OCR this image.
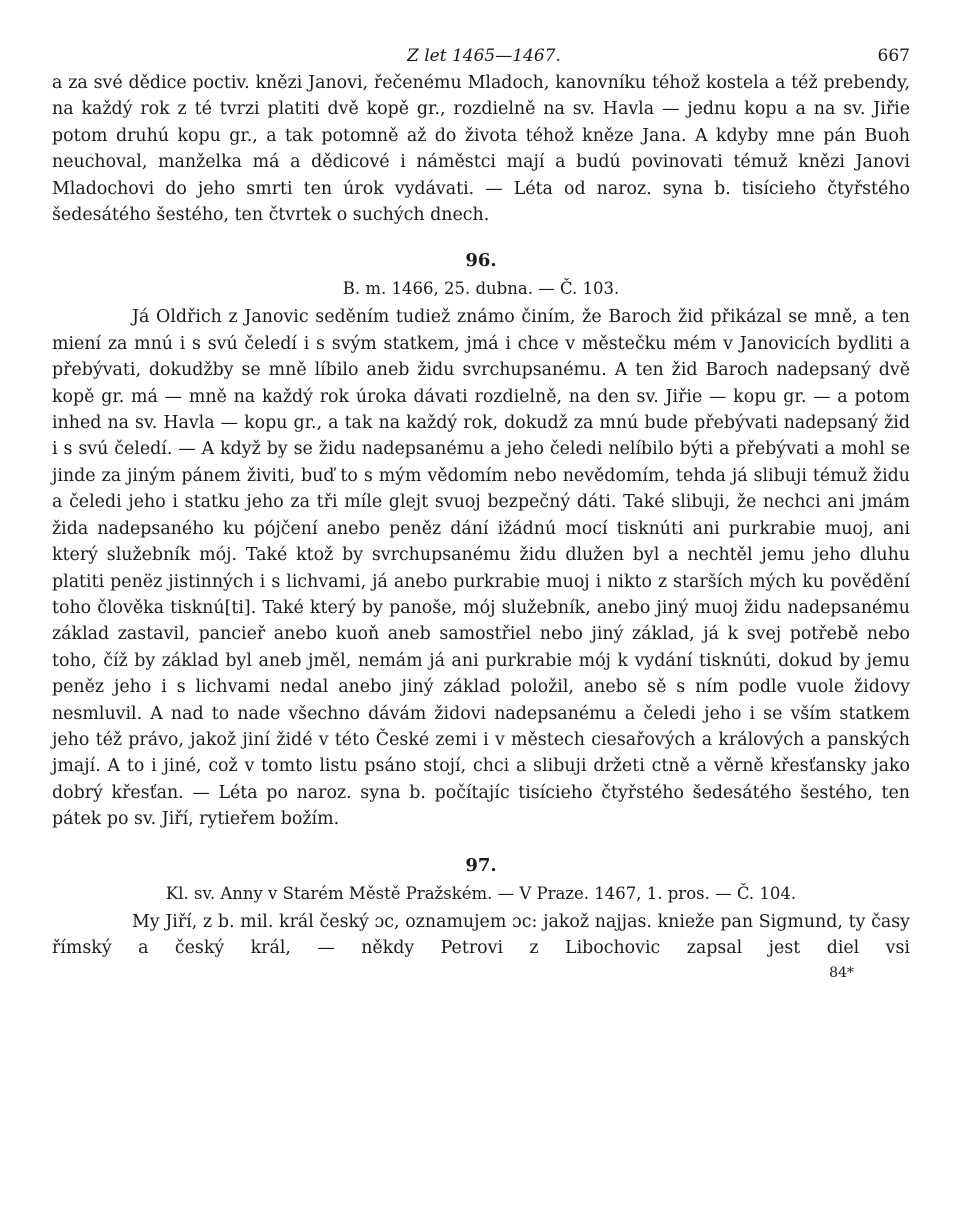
Z let 1465—1467.	667

a za své dědice poctiv. knězi Janovi, řečenému Mladoch, kanovníku téhož kostela a též prebendy, na každý rok z té tvrzi platiti dvě kopě gr., rozdielně na sv. Havla — jednu kopu a na sv. Jiřie potom druhú kopu gr., a tak potomně až do života téhož kněze Jana. A kdyby mne pán Buoh neuchoval, manželka má a dědicové i náměstci mají a budú povinovati témuž knězi Janovi Mladochovi do jeho smrti ten úrok vydávati. — Léta od naroz. syna b. tisícieho čtyřstého šedesátého šestého, ten čtvrtek o suchých dnech.

96.
B. m. 1466, 25. dubna. — Č. 103.

Já Oldřich z Janovic seděním tudiež známo činím, že Baroch žid přikázal se mně, a ten mienı́ za mnú i s svú čeledí i s svým statkem, jmá i chce v městečku mém v Janovicích bydliti a přebývati, dokudžby se mně líbilo aneb židu svrchupsanému. A ten žid Baroch nadepsaný dvě kopě gr. má — mně na každý rok úroka dávati rozdielně, na den sv. Jiřie — kopu gr. — a potom inhed na sv. Havla — kopu gr., a tak na každý rok, dokudž za mnú bude přebývati nadepsaný žid i s svú čeledí. — A když by se židu nadepsanému a jeho čeledi nelíbilo býti a přebývati a mohl se jinde za jiným pánem živiti, buď to s mým vědomím nebo nevědomím, tehda já slibuji témuž židu a čeledi jeho i statku jeho za tři míle glejt svuoj bezpečný dáti. Také slibuji, že nechci ani jmám žida nadepsaného ku pójčení anebo peněz dání ižádnú mocí tisknúti ani purkrabie muoj, ani který služebník mój. Také ktož by svrchupsanému židu dlužen byl a nechtěl jemu jeho dluhu platiti penëz jistinných i s lichvami, já anebo purkrabie muoj i nikto z starších mých ku povědění toho člověka tisknú[ti]. Také který by panoše, mój služebník, anebo jiný muoj židu nadepsanému základ zastavil, pancieř anebo kuoň aneb samostřiel nebo jiný základ, já k svej potřebě nebo toho, číž by základ byl aneb jměl, nemám já ani purkrabie mój k vydání tisknúti, dokud by jemu peněz jeho i s lichvami nedal anebo jiný základ položil, anebo sě s ním podle vuole židovy nesmluvil. A nad to nade všechno dávám židovi nadepsanému a čeledi jeho i se vším statkem jeho též právo, jakož jiní židé v této České zemi i v městech ciesařových a králových a panských jmají. A to i jiné, což v tomto listu psáno stojí, chci a slibuji držeti ctně a věrně křesťansky jako dobrý křesťan. — Léta po naroz. syna b. počítajíc tisícieho čtyřstého šedesátého šestého, ten pátek po sv. Jiří, rytieřem božím.

97.
Kl. sv. Anny v Starém Městě Pražském. — V Praze. 1467, 1. pros. — Č. 104.

My Jiří, z b. mil. král český ɔc, oznamujem ɔc: jakož najjas. knieže pan Sigmund, ty časy římský a český král, — někdy Petrovi z Libochovic zapsal jest diel vsi

84*
